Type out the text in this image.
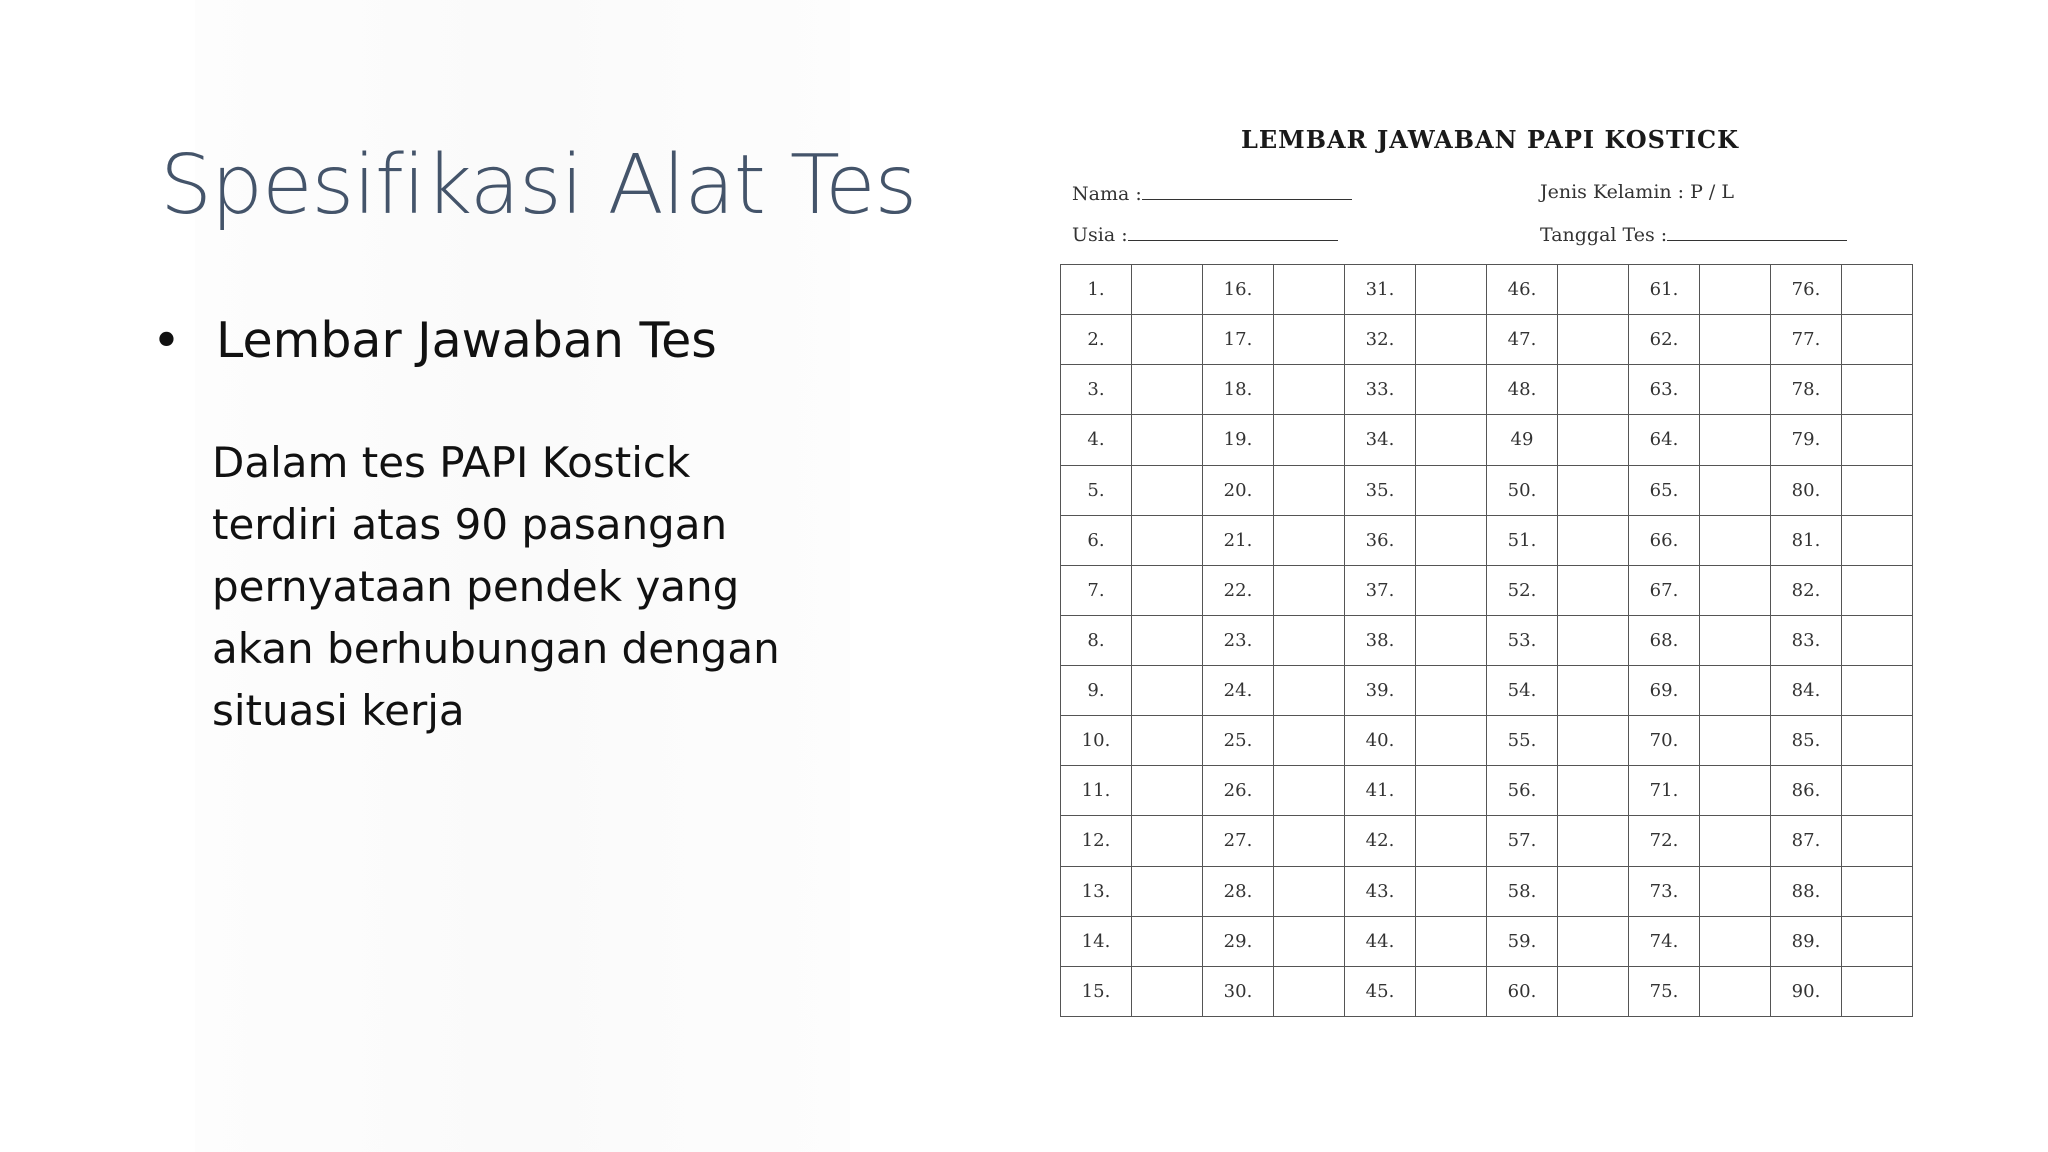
Spesifikasi Alat Tes
• Lembar Jawaban Tes
Dalam tes PAPI Kostick
terdiri atas 90 pasangan
pernyataan pendek yang
akan berhubungan dengan
situasi kerja
LEMBAR JAWABAN PAPI KOSTICK
Nama :	Jenis Kelamin : P / L
Usia :	Tanggal Tes :
1.		16.		31.		46.		61.		76.	
2.		17.		32.		47.		62.		77.	
3.		18.		33.		48.		63.		78.	
4.		19.		34.		49		64.		79.	
5.		20.		35.		50.		65.		80.	
6.		21.		36.		51.		66.		81.	
7.		22.		37.		52.		67.		82.	
8.		23.		38.		53.		68.		83.	
9.		24.		39.		54.		69.		84.	
10.		25.		40.		55.		70.		85.	
11.		26.		41.		56.		71.		86.	
12.		27.		42.		57.		72.		87.	
13.		28.		43.		58.		73.		88.	
14.		29.		44.		59.		74.		89.	
15.		30.		45.		60.		75.		90.	
